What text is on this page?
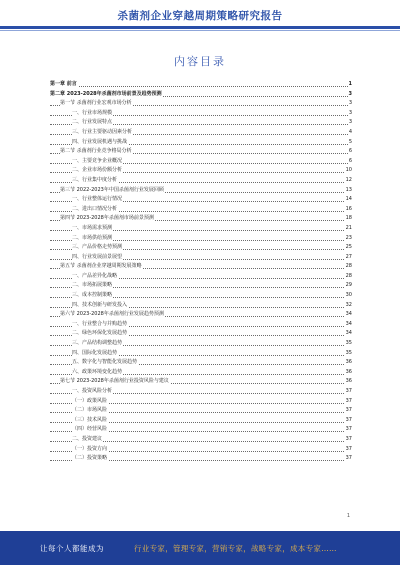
杀菌剂企业穿越周期策略研究报告
内容目录
第一章 前言	1
第二章 2023-2028年杀菌剂市场前景及趋势预测	3
第一节 杀菌剂行业宏观市场分析	3
一、行业市场规模	3
二、行业发展特点	3
三、行业主要驱动因素分析	4
四、行业发展机遇与挑战	5
第二节 杀菌剂行业竞争格局分析	6
一、主要竞争企业概况	6
二、企业市场份额分析	10
三、行业集中度分析	12
第三节 2022-2023年中国杀菌剂行业发展回顾	13
一、行业整体运行情况	14
二、进出口情况分析	16
第四节 2023-2028年杀菌剂市场前景预测	18
一、市场需求预测	21
二、市场供给预测	23
三、产品价格走势预测	25
四、行业发展前景展望	27
第五节 杀菌剂企业穿越周期发展策略	28
一、产品差异化战略	28
二、市场拓展策略	29
三、成本控制策略	30
四、技术创新与研发投入	32
第六节 2023-2028年杀菌剂行业发展趋势预测	34
一、行业整合与并购趋势	34
二、绿色环保化发展趋势	34
三、产品结构调整趋势	35
四、国际化发展趋势	35
五、数字化与智能化发展趋势	36
六、政策环境变化趋势	36
第七节 2023-2028年杀菌剂行业投资风险与建议	36
一、投资风险分析	37
（一）政策风险	37
（二）市场风险	37
（三）技术风险	37
（四）经营风险	37
二、投资建议	37
（一）投资方向	37
（二）投资策略	37
1
让每个人都能成为	行业专家，管理专家，营销专家，战略专家，成本专家……
